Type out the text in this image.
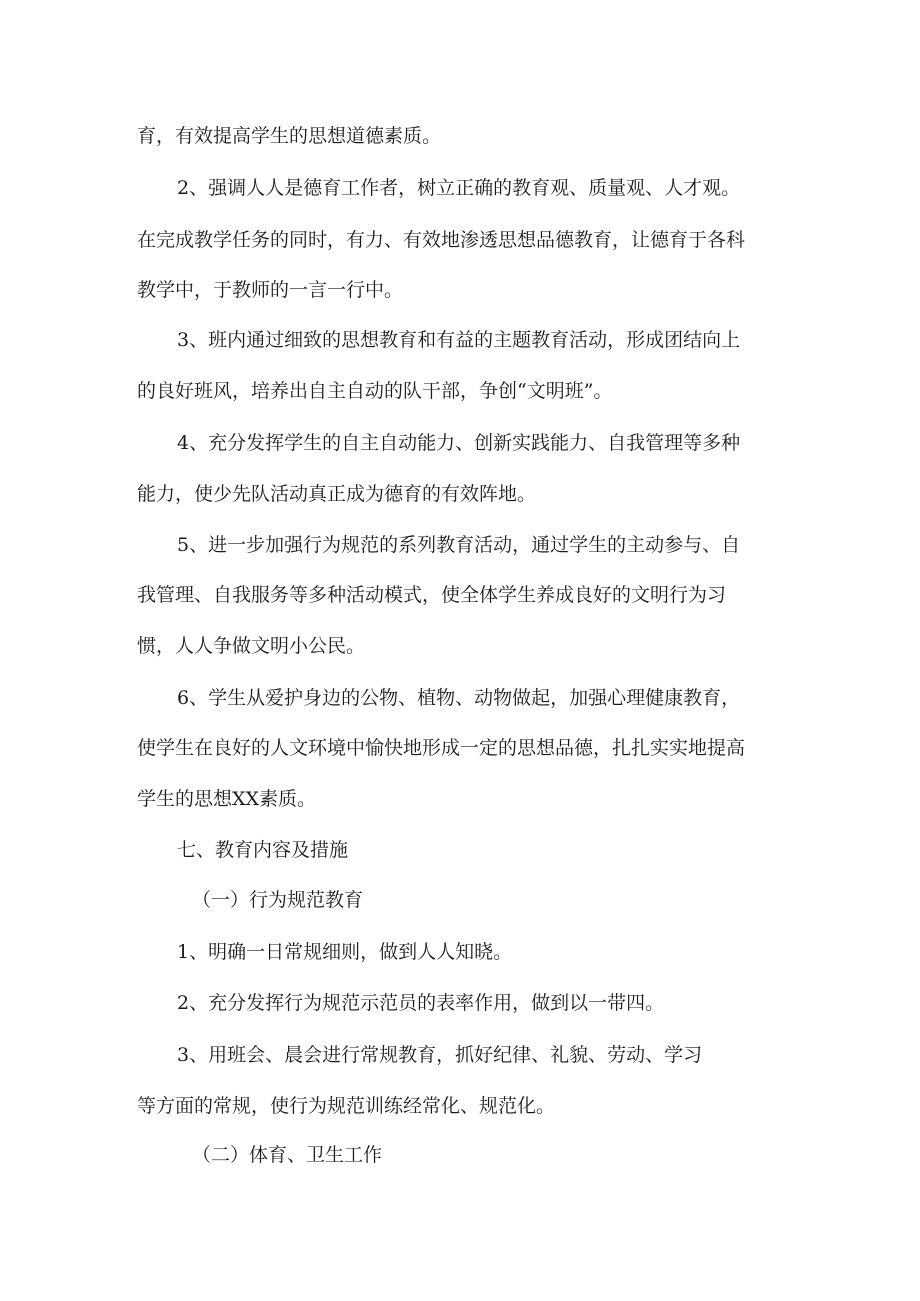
育，有效提高学生的思想道德素质。

2、强调人人是德育工作者，树立正确的教育观、质量观、人才观。

在完成教学任务的同时，有力、有效地渗透思想品德教育，让德育于各科

教学中，于教师的一言一行中。

3、班内通过细致的思想教育和有益的主题教育活动，形成团结向上

的良好班风，培养出自主自动的队干部，争创“文明班”。

4、充分发挥学生的自主自动能力、创新实践能力、自我管理等多种

能力，使少先队活动真正成为德育的有效阵地。

5、进一步加强行为规范的系列教育活动，通过学生的主动参与、自

我管理、自我服务等多种活动模式，使全体学生养成良好的文明行为习

惯，人人争做文明小公民。

6、学生从爱护身边的公物、植物、动物做起，加强心理健康教育，

使学生在良好的人文环境中愉快地形成一定的思想品德，扎扎实实地提高

学生的思想XX素质。

七、教育内容及措施

（一）行为规范教育

1、明确一日常规细则，做到人人知晓。

2、充分发挥行为规范示范员的表率作用，做到以一带四。

3、用班会、晨会进行常规教育，抓好纪律、礼貌、劳动、学习

等方面的常规，使行为规范训练经常化、规范化。

（二）体育、卫生工作
